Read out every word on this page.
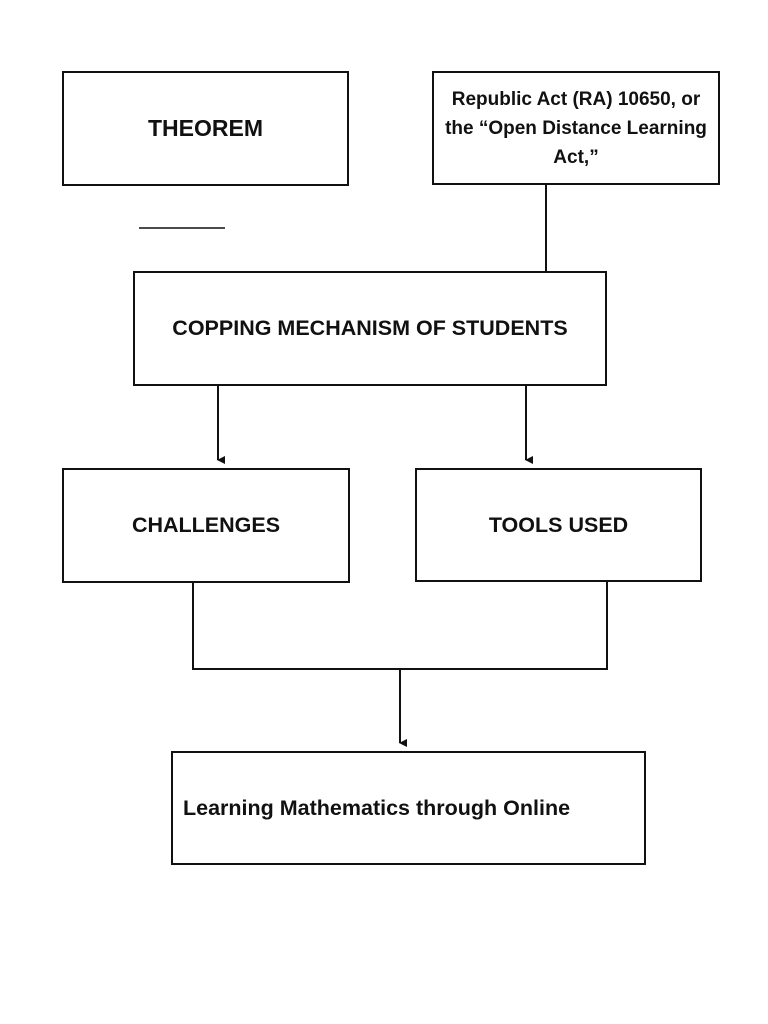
THEOREM
Republic Act (RA) 10650, or the “Open Distance Learning Act,”
COPPING MECHANISM OF STUDENTS
CHALLENGES	TOOLS USED
Learning Mathematics through Online
